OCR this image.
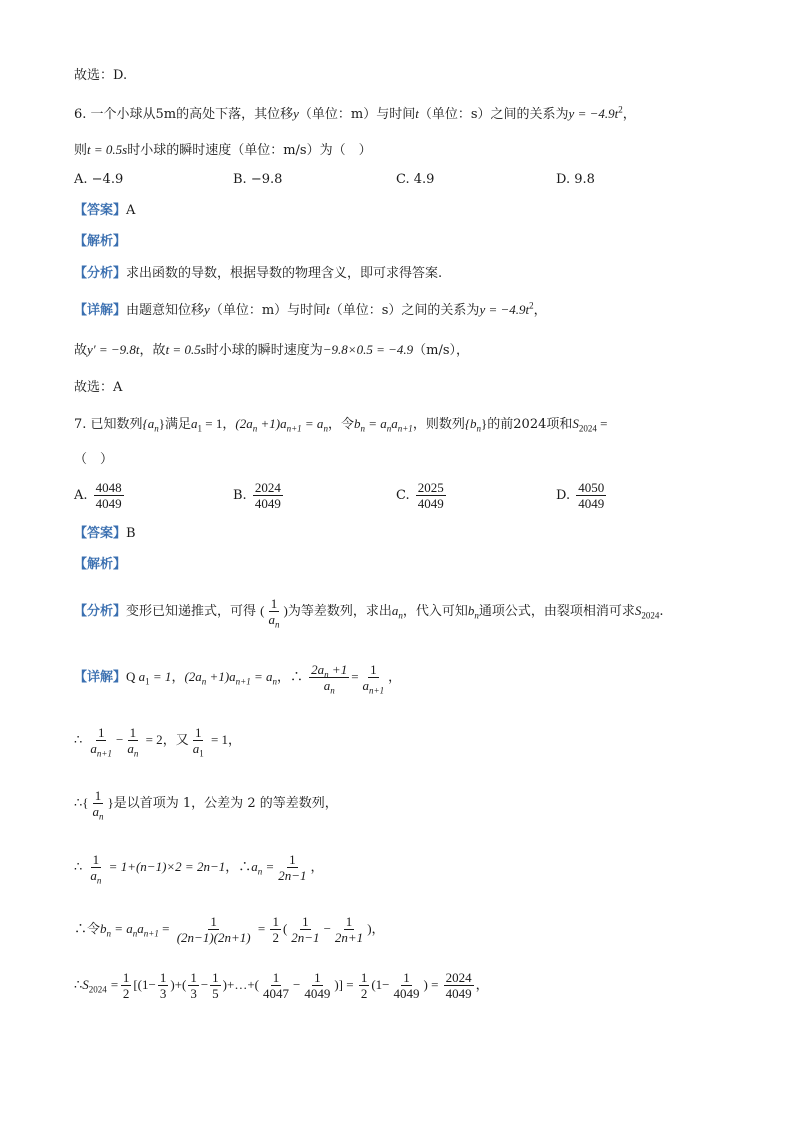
故选：D.
6. 一个小球从5m的高处下落，其位移y（单位：m）与时间t（单位：s）之间的关系为$y = -4.9t^2$，
则t = 0.5s时小球的瞬时速度（单位：m/s）为（　）
A. −4.9	B. −9.8	C. 4.9	D. 9.8
【答案】A
【解析】
【分析】求出函数的导数，根据导数的物理含义，即可求得答案.
【详解】由题意知位移y（单位：m）与时间t（单位：s）之间的关系为$y = -4.9t^2$，
故y′ = −9.8t，故t = 0.5s时小球的瞬时速度为−9.8×0.5 = −4.9（m/s），
故选：A
7. 已知数列$\{a_n\}$满足$a_1 = 1$，$(2a_n +1)a_{n+1} = a_n$，令$b_n = a_na_{n+1}$，则数列$\{b_n\}$的前2024项和$S_{2024}$ =
（　）
A. $\frac{4048}{4049}$	B. $\frac{2024}{4049}$	C. $\frac{2025}{4049}$	D. $\frac{4050}{4049}$
【答案】B
【解析】
【分析】变形已知递推式，可得 ( $\frac{1}{a_n}$ )为等差数列，求出$a_n$，代入可知$b_n$通项公式，由裂项相消可求$S_{2024}$.
【详解】Q $a_1 = 1$，$(2a_n +1)a_{n+1} = a_n$，∴ $\frac{2a_n +1}{a_n} = \frac{1}{a_{n+1}}$ ，
∴ $\frac{1}{a_{n+1}} - \frac{1}{a_n} = 2$，又 $\frac{1}{a_1} = 1$，
∴{ $\frac{1}{a_n}$ }是以首项为 1，公差为 2 的等差数列，
∴ $\frac{1}{a_n} = 1+(n-1)\times 2 = 2n-1$，$\therefore a_n = \frac{1}{2n-1}$ ，
∴令$b_n = a_na_{n+1} = \frac{1}{(2n-1)(2n+1)} = \frac{1}{2}$ ( $\frac{1}{2n-1} - \frac{1}{2n+1}$ )，
$\therefore S_{2024} = \frac{1}{2} [(1- \frac{1}{3}$ )+( $\frac{1}{3} - \frac{1}{5}$ )+…+( $\frac{1}{4047} - \frac{1}{4049}$ )] = $\frac{1}{2} (1- \frac{1}{4049}$ ) = $\frac{2024}{4049}$ ，
